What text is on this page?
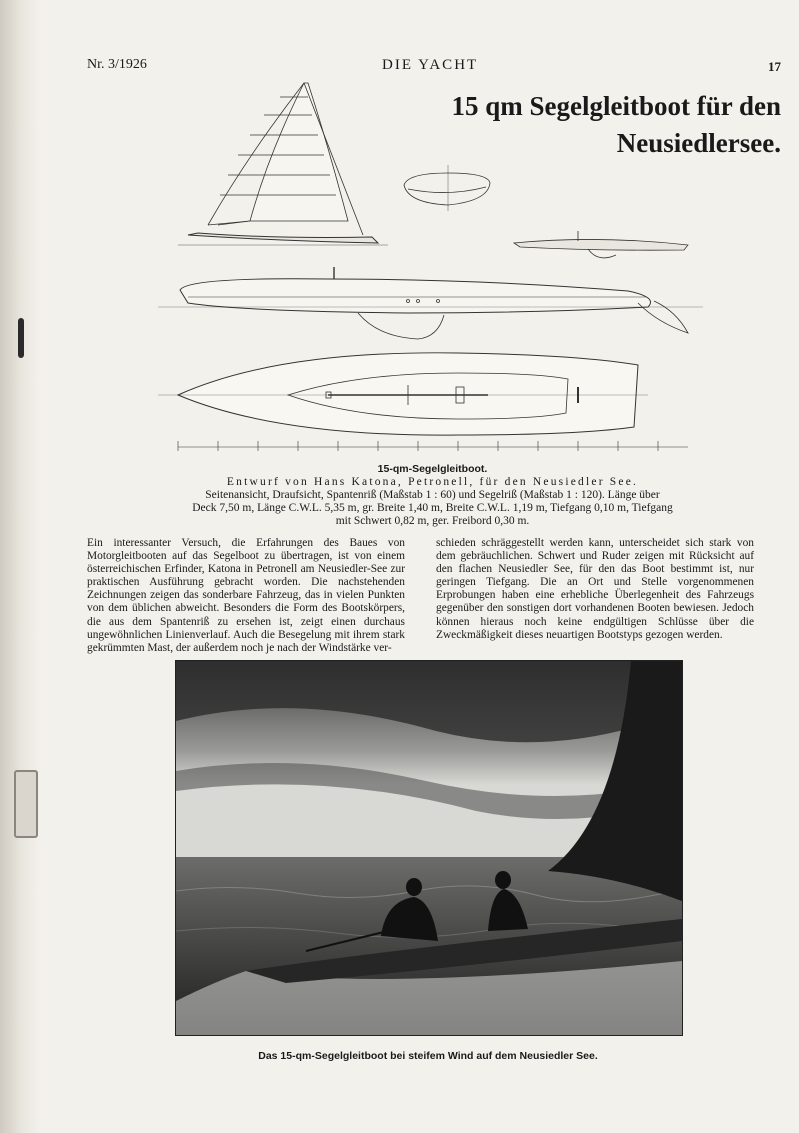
Nr. 3/1926	DIE YACHT	17
15 qm Segelgleitboot für den
Neusiedlersee.
15-qm-Segelgleitboot.
Entwurf von Hans Katona, Petronell, für den Neusiedler See.
Seitenansicht, Draufsicht, Spantenriß (Maßstab 1 : 60) und Segelriß (Maßstab 1 : 120). Länge über
Deck 7,50 m, Länge C.W.L. 5,35 m, gr. Breite 1,40 m, Breite C.W.L. 1,19 m, Tiefgang 0,10 m, Tiefgang
mit Schwert 0,82 m, ger. Freibord 0,30 m.

Ein interessanter Versuch, die Erfahrungen des Baues von Motorgleitbooten auf das Segelboot zu übertragen, ist von einem österreichischen Erfinder, Katona in Petronell am Neusiedler-See zur praktischen Ausführung gebracht worden. Die nachstehenden Zeichnungen zeigen das sonderbare Fahrzeug, das in vielen Punkten von dem üblichen abweicht. Besonders die Form des Bootskörpers, die aus dem Spantenriß zu ersehen ist, zeigt einen durchaus ungewöhnlichen Linienverlauf. Auch die Besegelung mit ihrem stark gekrümmten Mast, der außerdem noch je nach der Windstärke ver-

schieden schräggestellt werden kann, unterscheidet sich stark von dem gebräuchlichen. Schwert und Ruder zeigen mit Rücksicht auf den flachen Neusiedler See, für den das Boot bestimmt ist, nur geringen Tiefgang. Die an Ort und Stelle vorgenommenen Erprobungen haben eine erhebliche Überlegenheit des Fahrzeugs gegenüber den sonstigen dort vorhandenen Booten bewiesen. Jedoch können hieraus noch keine endgültigen Schlüsse über die Zweckmäßigkeit dieses neuartigen Bootstyps gezogen werden.

Das 15-qm-Segelgleitboot bei steifem Wind auf dem Neusiedler See.
